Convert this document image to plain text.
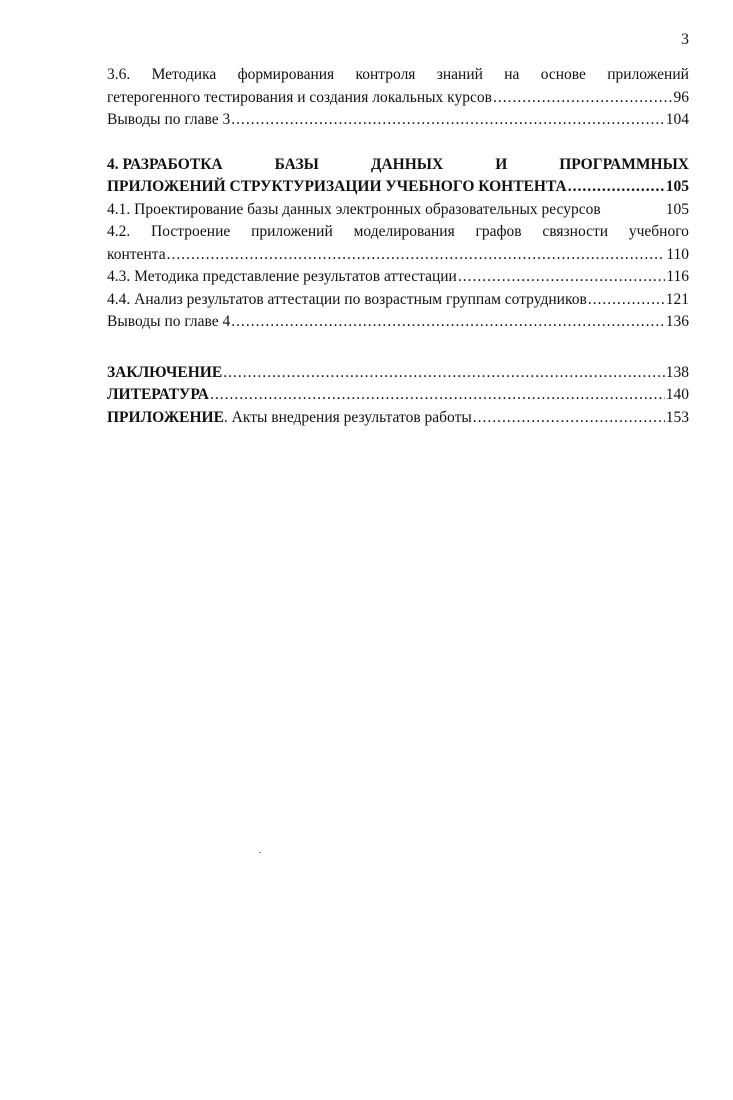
3
3.6. Методика формирования контроля знаний на основе приложений
гетерогенного тестирования и создания локальных курсов .....	96
Выводы по главе 3 .....	104
4. РАЗРАБОТКА	БАЗЫ	ДАННЫХ	И	ПРОГРАММНЫХ
ПРИЛОЖЕНИЙ СТРУКТУРИЗАЦИИ УЧЕБНОГО КОНТЕНТА .....	105
4.1. Проектирование базы данных электронных образовательных ресурсов	105
4.2. Построение приложений моделирования графов связности учебного
контента .....	110
4.3. Методика представление результатов аттестации .....	116
4.4. Анализ результатов аттестации по возрастным группам сотрудников .....	121
Выводы по главе 4 .....	136
ЗАКЛЮЧЕНИЕ .....	138
ЛИТЕРАТУРА .....	140
ПРИЛОЖЕНИЕ. Акты внедрения результатов работы .....	153
